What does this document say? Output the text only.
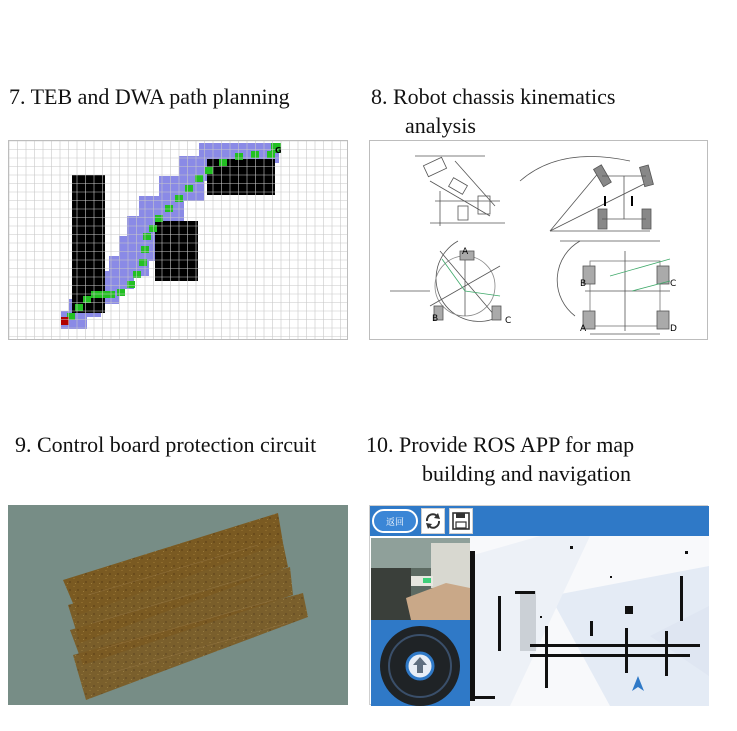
7. TEB and DWA path planning	8. Robot chassis kinematics
analysis
9. Control board protection circuit 10. Provide ROS APP for map
building and navigation
G
A
B	C
B	C
A	D
返回
